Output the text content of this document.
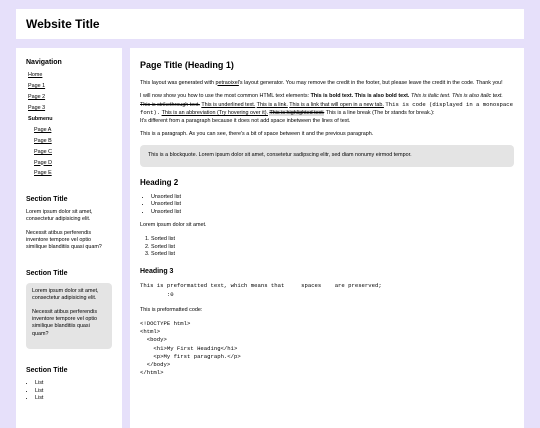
Website Title
Navigation
Home
Page 1
Page 2
Page 3
Submenu
Page A
Page B
Page C
Page D
Page E
Section Title

Lorem ipsum dolor sit amet, consectetur adipisicing elit.

Necessit atibus perferendis inventore tempore vel optio similique blanditiis quasi quam?

Section Title

Lorem ipsum dolor sit amet, consectetur adipisicing elit.

Necessit atibus perferendis inventore tempore vel optio similique blanditiis quasi quam?

Section Title
• List
• List
• List
Page Title (Heading 1)

This layout was generated with petraoixel's layout generator. You may remove the credit in the footer, but please leave the credit in the code. Thank you!

I will now show you how to use the most common HTML text elements: This is bold text. This is also bold text. This is italic text. This is also italic text. This is strikethrough text. This is underlined text. This is a link. This is a link that will open in a new tab. This is code (displayed in a monospace font). This is an abbreviation (Try hovering over it). This is highlighted text. This is a line break (The br stands for break.):
It's different from a paragraph because it does not add space inbetween the lines of text.

This is a paragraph. As you can see, there's a bit of space between it and the previous paragraph.

This is a blockquote. Lorem ipsum dolor sit amet, consetetur sadipscing elitr, sed diam nonumy eirmod tempor.
Heading 2
• Unsorted list
• Unsorted list
• Unsorted list

Lorem ipsum dolor sit amet.

1. Sorted list
2. Sorted list
3. Sorted list
Heading 3
This is preformatted text, which means that     spaces    are preserved;
:0

This is preformatted code:

<!DOCTYPE html>
<html>
<body>
<h1>My First Heading</h1>
<p>My first paragraph.</p>
</body>
</html>
